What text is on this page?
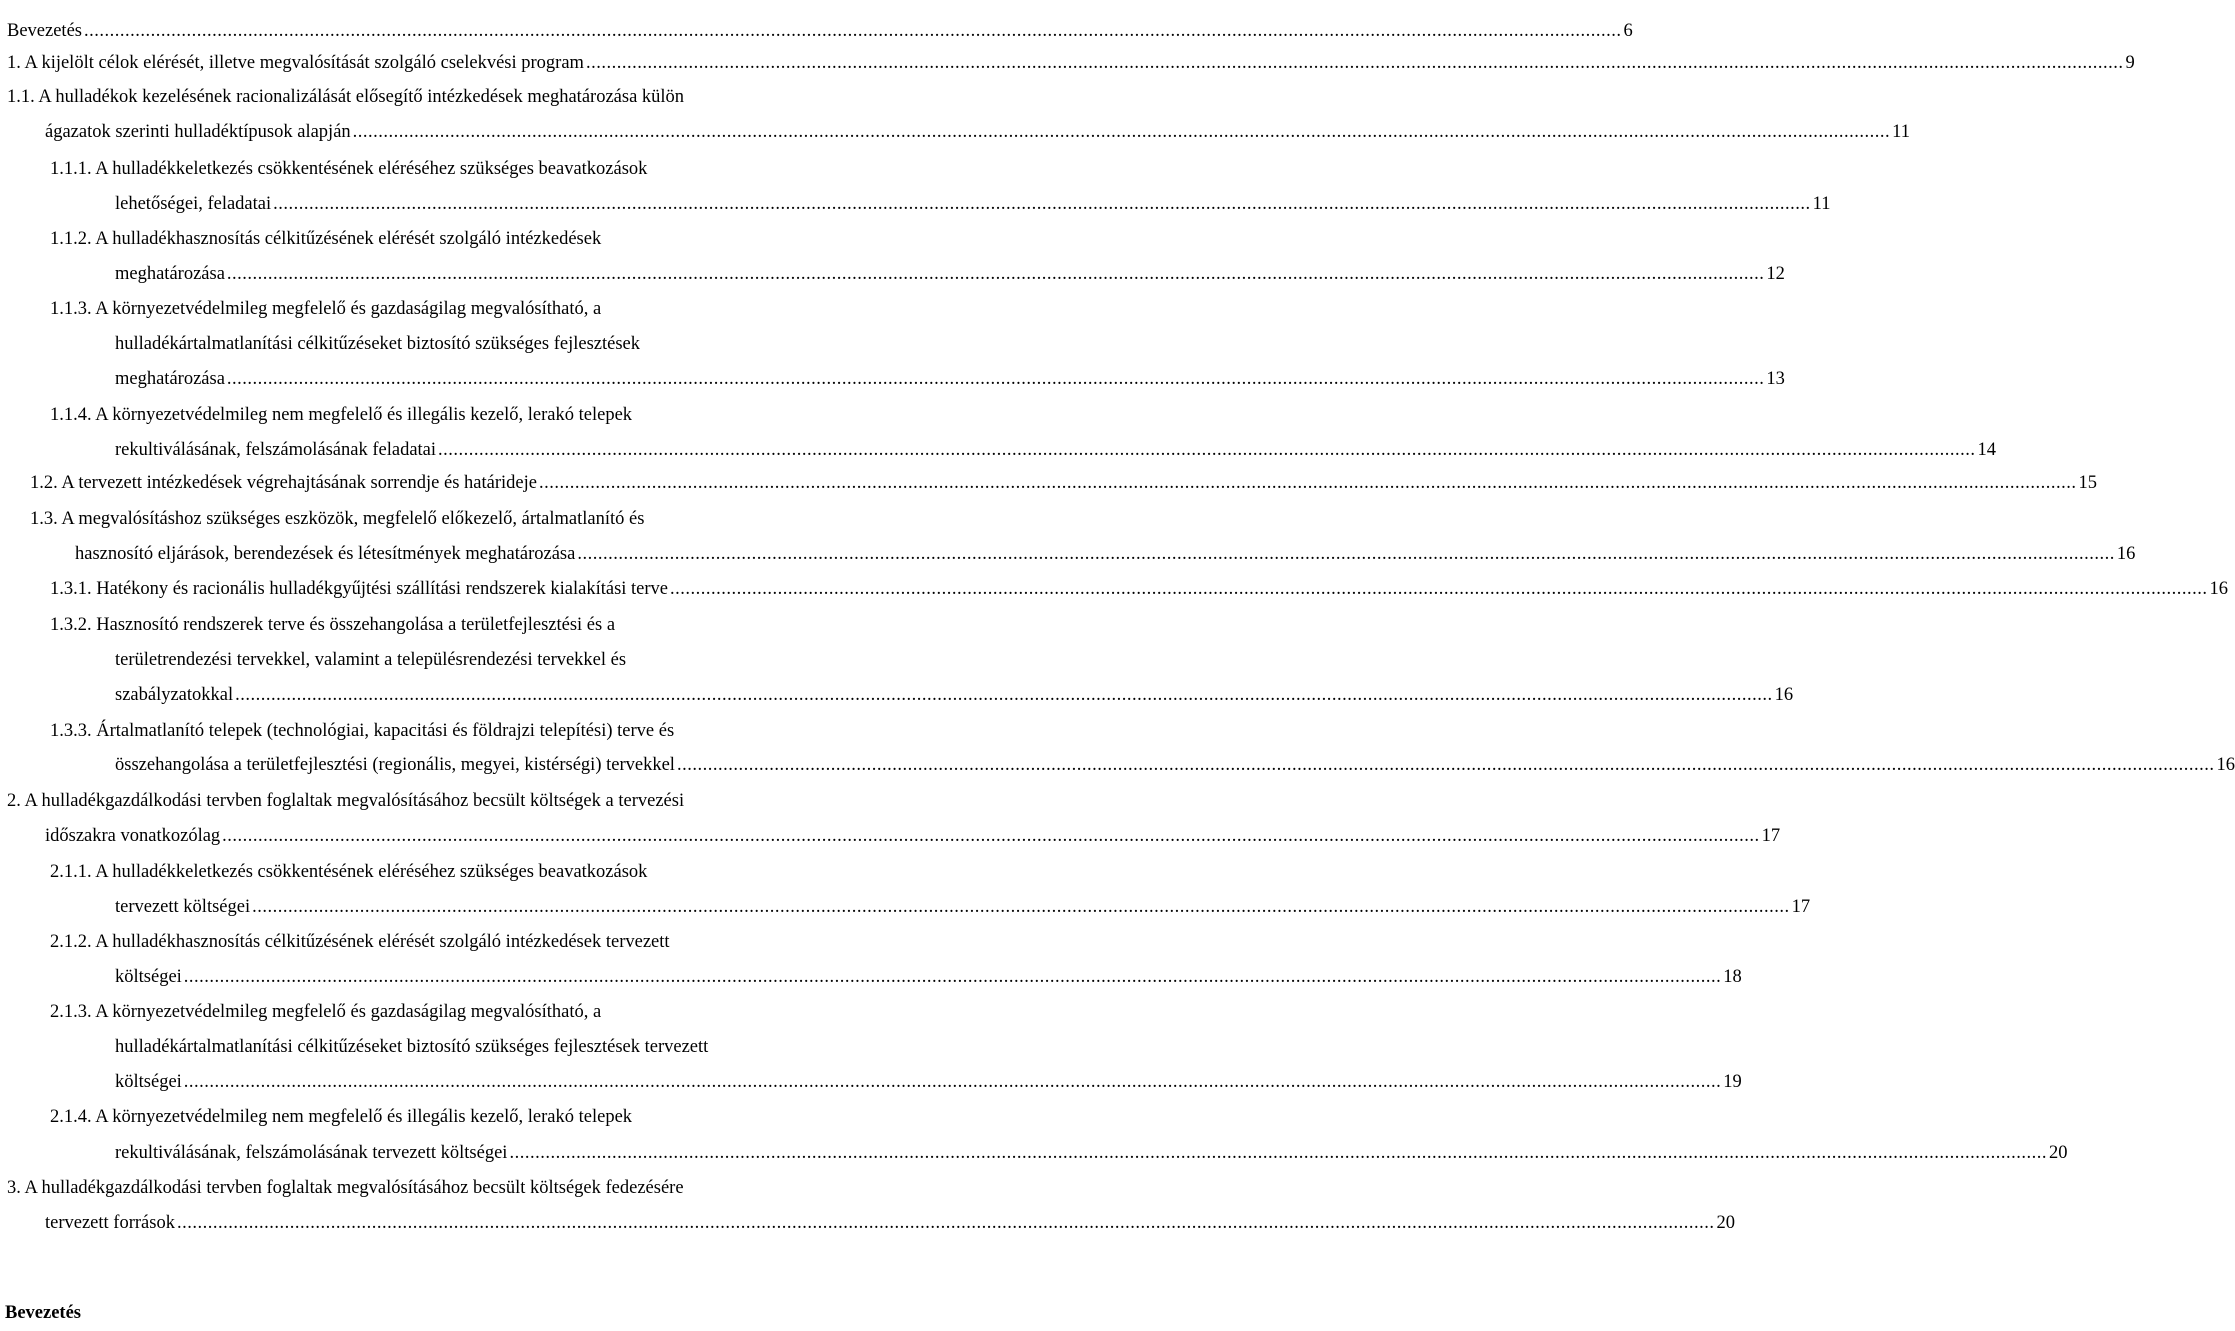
Bevezetés ............................................................................................................................................................................................................................................................................................................ 6
1. A kijelölt célok elérését, illetve megvalósítását szolgáló cselekvési program ............................................................................................................................................................................................................................................................................................................ 9
1.1. A hulladékok kezelésének racionalizálását elősegítő intézkedések meghatározása külön
ágazatok szerinti hulladéktípusok alapján ............................................................................................................................................................................................................................................................................................................ 11
1.1.1. A hulladékkeletkezés csökkentésének eléréséhez szükséges beavatkozások
lehetőségei, feladatai ............................................................................................................................................................................................................................................................................................................ 11
1.1.2. A hulladékhasznosítás célkitűzésének elérését szolgáló intézkedések
meghatározása ............................................................................................................................................................................................................................................................................................................ 12
1.1.3. A környezetvédelmileg megfelelő és gazdaságilag megvalósítható, a
hulladékártalmatlanítási célkitűzéseket biztosító szükséges fejlesztések
meghatározása ............................................................................................................................................................................................................................................................................................................ 13
1.1.4. A környezetvédelmileg nem megfelelő és illegális kezelő, lerakó telepek
rekultiválásának, felszámolásának feladatai ............................................................................................................................................................................................................................................................................................................ 14
1.2. A tervezett intézkedések végrehajtásának sorrendje és határideje ............................................................................................................................................................................................................................................................................................................ 15
1.3. A megvalósításhoz szükséges eszközök, megfelelő előkezelő, ártalmatlanító és
hasznosító eljárások, berendezések és létesítmények meghatározása ............................................................................................................................................................................................................................................................................................................ 16
1.3.1. Hatékony és racionális hulladékgyűjtési szállítási rendszerek kialakítási terve ............................................................................................................................................................................................................................................................................................................ 16
1.3.2. Hasznosító rendszerek terve és összehangolása a területfejlesztési és a
területrendezési tervekkel, valamint a településrendezési tervekkel és
szabályzatokkal ............................................................................................................................................................................................................................................................................................................ 16
1.3.3. Ártalmatlanító telepek (technológiai, kapacitási és földrajzi telepítési) terve és
összehangolása a területfejlesztési (regionális, megyei, kistérségi) tervekkel ............................................................................................................................................................................................................................................................................................................ 16
2. A hulladékgazdálkodási tervben foglaltak megvalósításához becsült költségek a tervezési
időszakra vonatkozólag ............................................................................................................................................................................................................................................................................................................ 17
2.1.1. A hulladékkeletkezés csökkentésének eléréséhez szükséges beavatkozások
tervezett költségei ............................................................................................................................................................................................................................................................................................................ 17
2.1.2. A hulladékhasznosítás célkitűzésének elérését szolgáló intézkedések tervezett
költségei ............................................................................................................................................................................................................................................................................................................ 18
2.1.3. A környezetvédelmileg megfelelő és gazdaságilag megvalósítható, a
hulladékártalmatlanítási célkitűzéseket biztosító szükséges fejlesztések tervezett
költségei ............................................................................................................................................................................................................................................................................................................ 19
2.1.4. A környezetvédelmileg nem megfelelő és illegális kezelő, lerakó telepek
rekultiválásának, felszámolásának tervezett költségei ............................................................................................................................................................................................................................................................................................................ 20
3. A hulladékgazdálkodási tervben foglaltak megvalósításához becsült költségek fedezésére
tervezett források ............................................................................................................................................................................................................................................................................................................ 20
Bevezetés
